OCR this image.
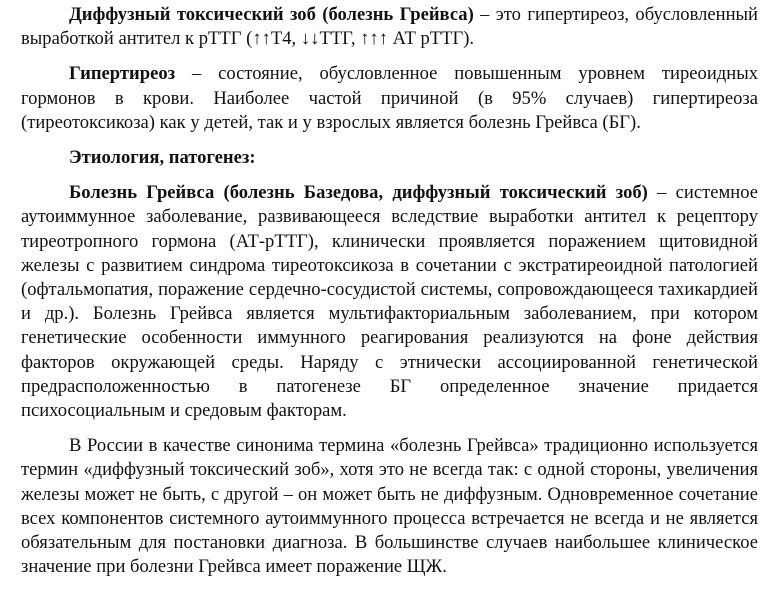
Диффузный токсический зоб (болезнь Грейвса) – это гипертиреоз, обусловленный выработкой антител к рТТГ (↑↑Т4, ↓↓ТТГ, ↑↑↑ АТ рТТГ).

Гипертиреоз – состояние, обусловленное повышенным уровнем тиреоидных гормонов в крови. Наиболее частой причиной (в 95% случаев) гипертиреоза (тиреотоксикоза) как у детей, так и у взрослых является болезнь Грейвса (БГ).

Этиология, патогенез:

Болезнь Грейвса (болезнь Базедова, диффузный токсический зоб) – системное аутоиммунное заболевание, развивающееся вследствие выработки антител к рецептору тиреотропного гормона (АТ-рТТГ), клинически проявляется поражением щитовидной железы с развитием синдрома тиреотоксикоза в сочетании с экстратиреоидной патологией (офтальмопатия, поражение сердечно-сосудистой системы, сопровождающееся тахикардией и др.). Болезнь Грейвса является мультифакториальным заболеванием, при котором генетические особенности иммунного реагирования реализуются на фоне действия факторов окружающей среды. Наряду с этнически ассоциированной генетической предрасположенностью в патогенезе БГ определенное значение придается психосоциальным и средовым факторам.

В России в качестве синонима термина «болезнь Грейвса» традиционно используется термин «диффузный токсический зоб», хотя это не всегда так: с одной стороны, увеличения железы может не быть, с другой – он может быть не диффузным. Одновременное сочетание всех компонентов системного аутоиммунного процесса встречается не всегда и не является обязательным для постановки диагноза. В большинстве случаев наибольшее клиническое значение при болезни Грейвса имеет поражение ЩЖ.
